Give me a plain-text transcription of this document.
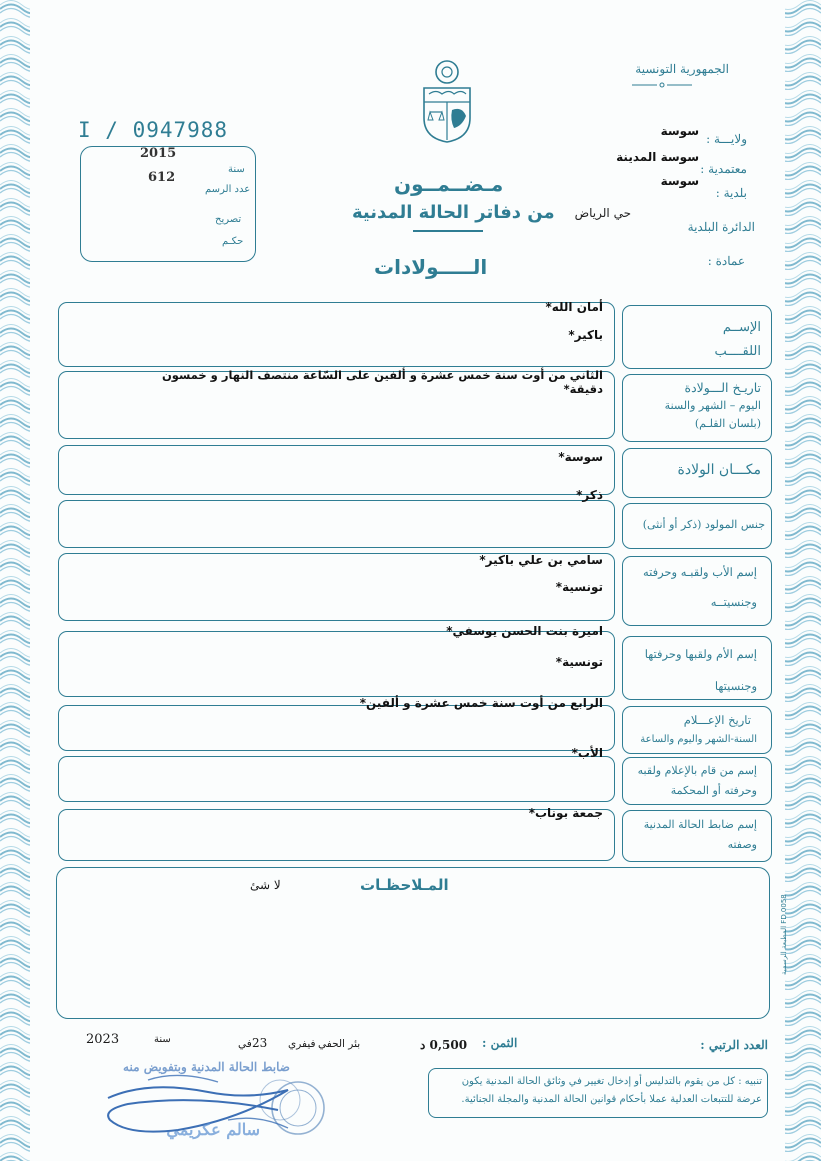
الجمهورية التونسية
I / 0947988	ولايـــة :
سوسة
معتمدية :
سوسة المدينة
بلدية :
سوسة
الدائرة البلدية
حي الرياض
عمادة :
2015
سنة
612
عدد الرسم
تصريح
حكـم
مـضــمــون
من دفاتر الحالة المدنية
الـــــولادات
الإســم
اللقــــب
أمان الله*
باكير*
تاريـخ الـــولادة
اليوم – الشهر والسنة
(بلسان القلـم)
الثاني من أوت سنة خمس عشرة و ألفين على السّاعة منتصف النهار و خمسون دقيقة*
مكـــان الولادة
سوسة*
جنس المولود (ذكر أو أنثى)
ذكر*
إسم الأب ولقبـه وحرفته
وجنسيتــه
سامي بن علي باكير*
تونسية*
إسم الأم ولقبها وحرفتها
وجنسيتها
اميرة بنت الحسن يوسفي*
تونسية*
تاريخ الإعـــلام
السنة-الشهر واليوم والساعة
الرابع من أوت سنة خمس عشرة و ألفين*
إسم من قام بالإعلام ولقبه
وحرفته أو المحكمة
الأب*
إسم ضابط الحالة المدنية
وصفته
جمعة بوناب*
المـلاحظـات
لا شئ
المطبعة الرسمية FD 0058
العدد الرتبي :
الثمن :
0,500 د
بئر الحفي
فيفري
23
في
سنة
2023
تنبيه : كل من يقوم بالتدليس أو إدخال تغيير في وثائق الحالة المدنية يكون عرضة للتتبعات العدلية عملا بأحكام قوانين الحالة المدنية والمجلة الجنائية.
ضابط الحالة المدنية وبتفويض منه
سالم عكريمي
